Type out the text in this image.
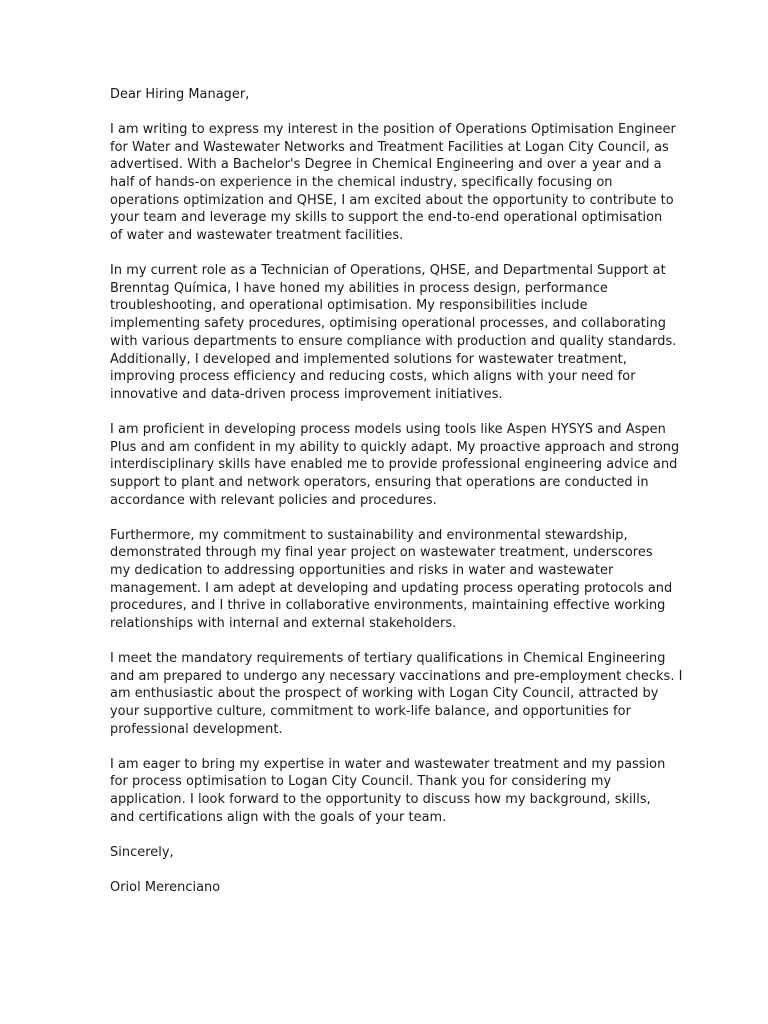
Dear Hiring Manager,

I am writing to express my interest in the position of Operations Optimisation Engineer
for Water and Wastewater Networks and Treatment Facilities at Logan City Council, as
advertised. With a Bachelor's Degree in Chemical Engineering and over a year and a
half of hands-on experience in the chemical industry, specifically focusing on
operations optimization and QHSE, I am excited about the opportunity to contribute to
your team and leverage my skills to support the end-to-end operational optimisation
of water and wastewater treatment facilities.

In my current role as a Technician of Operations, QHSE, and Departmental Support at
Brenntag Química, I have honed my abilities in process design, performance
troubleshooting, and operational optimisation. My responsibilities include
implementing safety procedures, optimising operational processes, and collaborating
with various departments to ensure compliance with production and quality standards.
Additionally, I developed and implemented solutions for wastewater treatment,
improving process efficiency and reducing costs, which aligns with your need for
innovative and data-driven process improvement initiatives.

I am proficient in developing process models using tools like Aspen HYSYS and Aspen
Plus and am confident in my ability to quickly adapt. My proactive approach and strong
interdisciplinary skills have enabled me to provide professional engineering advice and
support to plant and network operators, ensuring that operations are conducted in
accordance with relevant policies and procedures.

Furthermore, my commitment to sustainability and environmental stewardship,
demonstrated through my final year project on wastewater treatment, underscores
my dedication to addressing opportunities and risks in water and wastewater
management. I am adept at developing and updating process operating protocols and
procedures, and I thrive in collaborative environments, maintaining effective working
relationships with internal and external stakeholders.

I meet the mandatory requirements of tertiary qualifications in Chemical Engineering
and am prepared to undergo any necessary vaccinations and pre-employment checks. I
am enthusiastic about the prospect of working with Logan City Council, attracted by
your supportive culture, commitment to work-life balance, and opportunities for
professional development.

I am eager to bring my expertise in water and wastewater treatment and my passion
for process optimisation to Logan City Council. Thank you for considering my
application. I look forward to the opportunity to discuss how my background, skills,
and certifications align with the goals of your team.

Sincerely,

Oriol Merenciano
